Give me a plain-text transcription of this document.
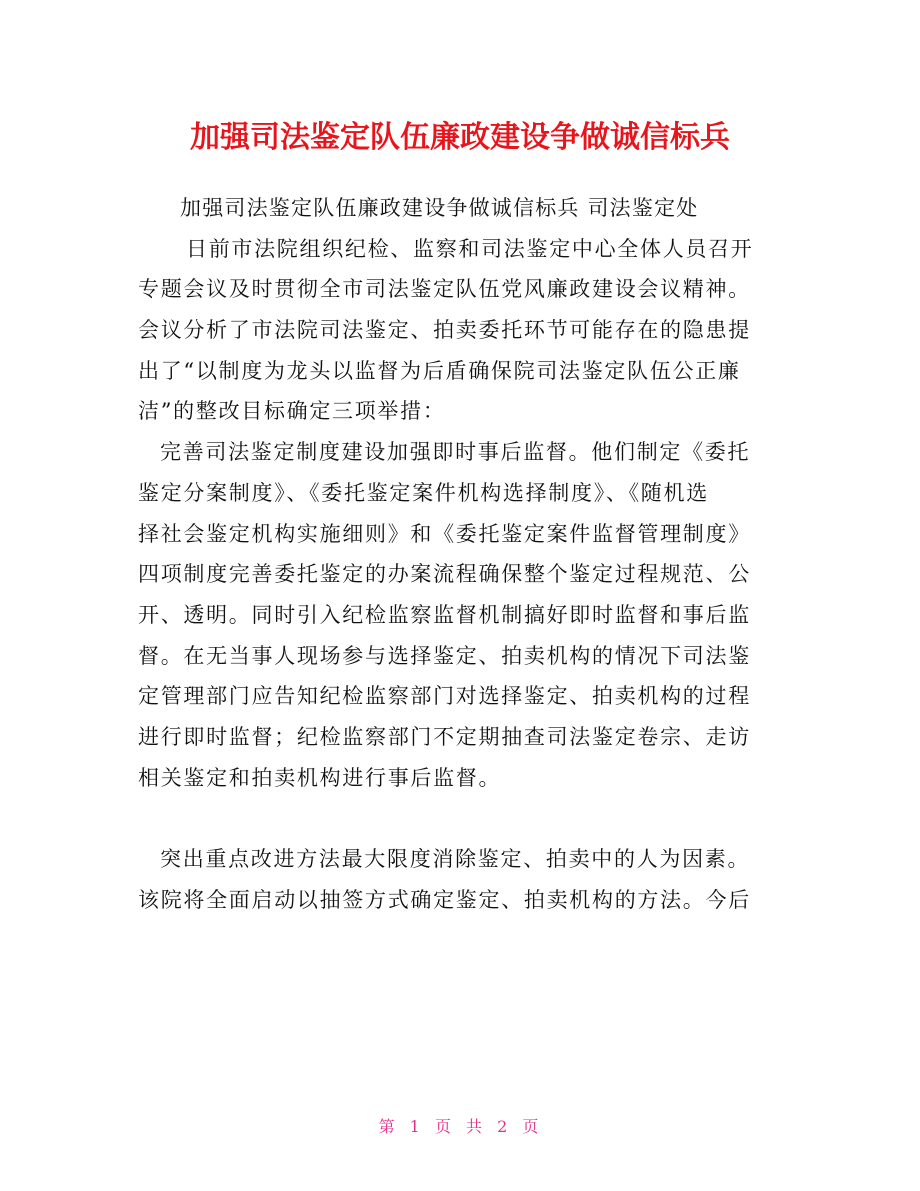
加强司法鉴定队伍廉政建设争做诚信标兵
加强司法鉴定队伍廉政建设争做诚信标兵 司法鉴定处
日前市法院组织纪检、监察和司法鉴定中心全体人员召开
专题会议及时贯彻全市司法鉴定队伍党风廉政建设会议精神。
会议分析了市法院司法鉴定、拍卖委托环节可能存在的隐患提
出了“以制度为龙头以监督为后盾确保院司法鉴定队伍公正廉
洁”的整改目标确定三项举措：
完善司法鉴定制度建设加强即时事后监督。他们制定《委托
鉴定分案制度》、《委托鉴定案件机构选择制度》、《随机选
择社会鉴定机构实施细则》和《委托鉴定案件监督管理制度》
四项制度完善委托鉴定的办案流程确保整个鉴定过程规范、公
开、透明。同时引入纪检监察监督机制搞好即时监督和事后监
督。在无当事人现场参与选择鉴定、拍卖机构的情况下司法鉴
定管理部门应告知纪检监察部门对选择鉴定、拍卖机构的过程
进行即时监督；纪检监察部门不定期抽查司法鉴定卷宗、走访
相关鉴定和拍卖机构进行事后监督。
突出重点改进方法最大限度消除鉴定、拍卖中的人为因素。
该院将全面启动以抽签方式确定鉴定、拍卖机构的方法。今后
第 1 页 共 2 页
